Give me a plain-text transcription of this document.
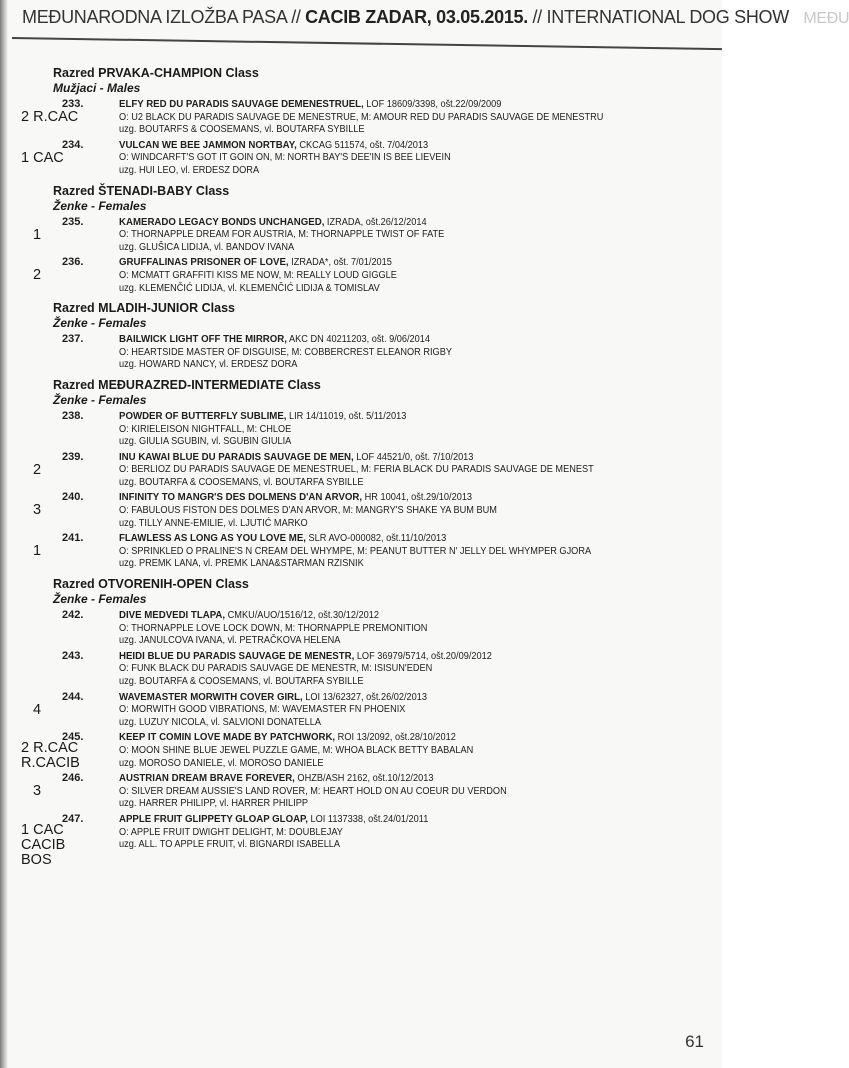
MEĐUNARODNA IZLOŽBA PASA // CACIB ZADAR, 03.05.2015. // INTERNATIONAL DOG SHOW MEĐU
Razred PRVAKA-CHAMPION Class
Mužjaci - Males
233.	ELFY RED DU PARADIS SAUVAGE DEMENESTRUEL, LOF 18609/3398, ošt.22/09/2009
O: U2 BLACK DU PARADIS SAUVAGE DE MENESTRUE, M: AMOUR RED DU PARADIS SAUVAGE DE MENESTRU
uzg. BOUTARFS & COOSEMANS, vl. BOUTARFA SYBILLE
2 R.CAC
234.	VULCAN WE BEE JAMMON NORTBAY, CKCAG 511574, ošt. 7/04/2013
O: WINDCARFT'S GOT IT GOIN ON, M: NORTH BAY'S DEE'IN IS BEE LIEVEIN
uzg. HUI LEO, vl. ERDESZ DORA
1 CAC
Razred ŠTENADI-BABY Class
Ženke - Females
235.	KAMERADO LEGACY BONDS UNCHANGED, IZRADA, ošt.26/12/2014
O: THORNAPPLE DREAM FOR AUSTRIA, M: THORNAPPLE TWIST OF FATE
uzg. GLUŠICA LIDIJA, vl. BANDOV IVANA
1
236.	GRUFFALINAS PRISONER OF LOVE, IZRADA*, ošt. 7/01/2015
O: MCMATT GRAFFITI KISS ME NOW, M: REALLY LOUD GIGGLE
uzg. KLEMENČIĆ LIDIJA, vl. KLEMENČIĆ LIDIJA & TOMISLAV
2
Razred MLADIH-JUNIOR Class
Ženke - Females
237.	BAILWICK LIGHT OFF THE MIRROR, AKC DN 40211203, ošt. 9/06/2014
O: HEARTSIDE MASTER OF DISGUISE, M: COBBERCREST ELEANOR RIGBY
uzg. HOWARD NANCY, vl. ERDESZ DORA
Razred MEĐURAZRED-INTERMEDIATE Class
Ženke - Females
238.	POWDER OF BUTTERFLY SUBLIME, LIR 14/11019, ošt. 5/11/2013
O: KIRIELEISON NIGHTFALL, M: CHLOE
uzg. GIULIA SGUBIN, vl. SGUBIN GIULIA
239.	INU KAWAI BLUE DU PARADIS SAUVAGE DE MEN, LOF 44521/0, ošt. 7/10/2013
O: BERLIOZ DU PARADIS SAUVAGE DE MENESTRUEL, M: FERIA BLACK DU PARADIS SAUVAGE DE MENEST
uzg. BOUTARFA & COOSEMANS, vl. BOUTARFA SYBILLE
2
240.	INFINITY TO MANGR'S DES DOLMENS D'AN ARVOR, HR 10041, ošt.29/10/2013
O: FABULOUS FISTON DES DOLMES D'AN ARVOR, M: MANGRY'S SHAKE YA BUM BUM
uzg. TILLY ANNE-EMILIE, vl. LJUTIĆ MARKO
3
241.	FLAWLESS AS LONG AS YOU LOVE ME, SLR AVO-000082, ošt.11/10/2013
O: SPRINKLED O PRALINE'S N CREAM DEL WHYMPE, M: PEANUT BUTTER N' JELLY DEL WHYMPER GJORA
uzg. PREMK LANA, vl. PREMK LANA&STARMAN RZISNIK
1
Razred OTVORENIH-OPEN Class
Ženke - Females
242.	DIVE MEDVEDI TLAPA, CMKU/AUO/1516/12, ošt.30/12/2012
O: THORNAPPLE LOVE LOCK DOWN, M: THORNAPPLE PREMONITION
uzg. JANULCOVA IVANA, vl. PETRAČKOVA HELENA
243.	HEIDI BLUE DU PARADIS SAUVAGE DE MENESTR, LOF 36979/5714, ošt.20/09/2012
O: FUNK BLACK DU PARADIS SAUVAGE DE MENESTR, M: ISISUN'EDEN
uzg. BOUTARFA & COOSEMANS, vl. BOUTARFA SYBILLE
244.	WAVEMASTER MORWITH COVER GIRL, LOI 13/62327, ošt.26/02/2013
O: MORWITH GOOD VIBRATIONS, M: WAVEMASTER FN PHOENIX
uzg. LUZUY NICOLA, vl. SALVIONI DONATELLA
4
245.	KEEP IT COMIN LOVE MADE BY PATCHWORK, ROI 13/2092, ošt.28/10/2012
O: MOON SHINE BLUE JEWEL PUZZLE GAME, M: WHOA BLACK BETTY BABALAN
uzg. MOROSO DANIELE, vl. MOROSO DANIELE
2 R.CAC
R.CACIB
246.	AUSTRIAN DREAM BRAVE FOREVER, OHZB/ASH 2162, ošt.10/12/2013
O: SILVER DREAM AUSSIE'S LAND ROVER, M: HEART HOLD ON AU COEUR DU VERDON
uzg. HARRER PHILIPP, vl. HARRER PHILIPP
3
247.	APPLE FRUIT GLIPPETY GLOAP GLOAP, LOI 1137338, ošt.24/01/2011
O: APPLE FRUIT DWIGHT DELIGHT, M: DOUBLEJAY
uzg. ALL. TO APPLE FRUIT, vl. BIGNARDI ISABELLA
1 CAC
CACIB
BOS
61
